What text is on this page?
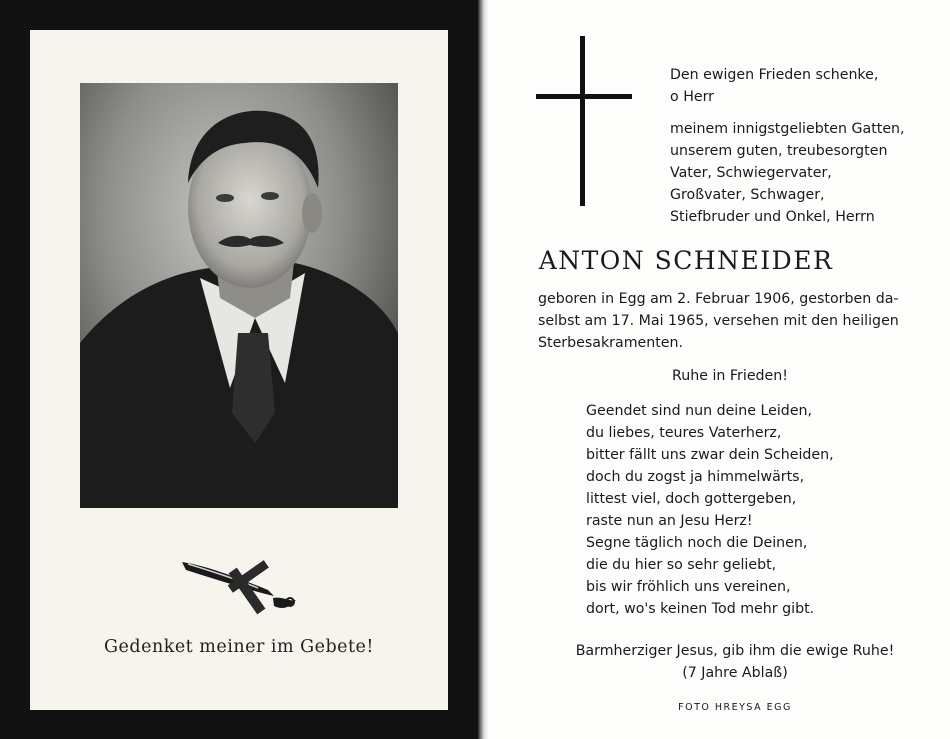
Gedenket meiner im Gebete!
Den ewigen Frieden schenke,
o Herr
meinem innigstgeliebten Gatten,
unserem guten, treubesorgten
Vater, Schwiegervater,
Großvater, Schwager,
Stiefbruder und Onkel, Herrn
ANTON SCHNEIDER
geboren in Egg am 2. Februar 1906, gestorben da-
selbst am 17. Mai 1965, versehen mit den heiligen
Sterbesakramenten.
Ruhe in Frieden!
Geendet sind nun deine Leiden,
du liebes, teures Vaterherz,
bitter fällt uns zwar dein Scheiden,
doch du zogst ja himmelwärts,
littest viel, doch gottergeben,
raste nun an Jesu Herz!
Segne täglich noch die Deinen,
die du hier so sehr geliebt,
bis wir fröhlich uns vereinen,
dort, wo's keinen Tod mehr gibt.
Barmherziger Jesus, gib ihm die ewige Ruhe!
(7 Jahre Ablaß)
FOTO HREYSA EGG
